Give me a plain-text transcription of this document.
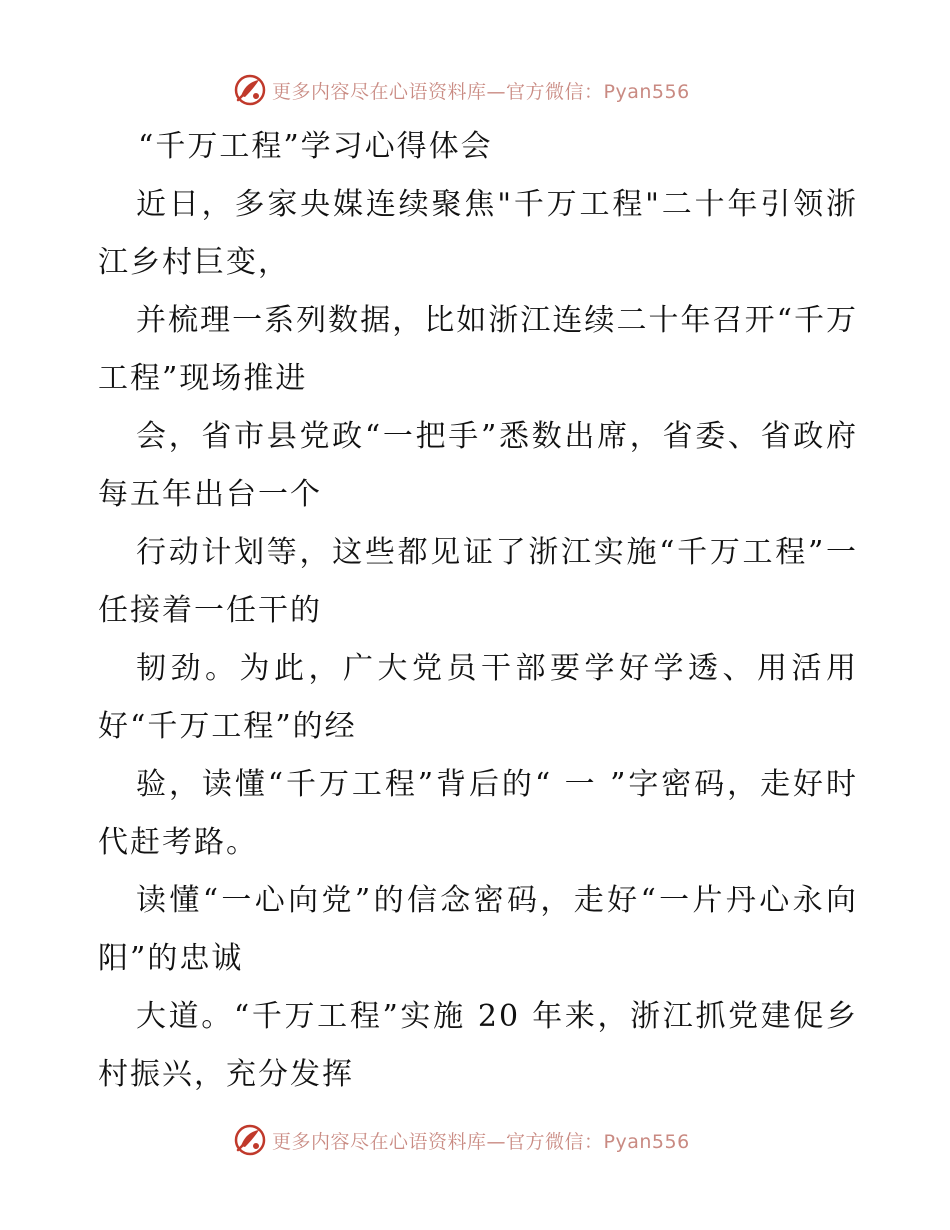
更多内容尽在心语资料库—官方微信：Pyan556
“千万工程”学习心得体会

近日，多家央媒连续聚焦"千万工程"二十年引领浙江乡村巨变，

并梳理一系列数据，比如浙江连续二十年召开“千万工程”现场推进

会，省市县党政“一把手”悉数出席，省委、省政府每五年出台一个

行动计划等，这些都见证了浙江实施“千万工程”一任接着一任干的

韧劲。为此，广大党员干部要学好学透、用活用好“千万工程”的经

验，读懂“千万工程”背后的“ 一 ”字密码，走好时代赶考路。

读懂“一心向党”的信念密码，走好“一片丹心永向阳”的忠诚

大道。“千万工程”实施 20 年来，浙江抓党建促乡村振兴，充分发挥

更多内容尽在心语资料库—官方微信：Pyan556
